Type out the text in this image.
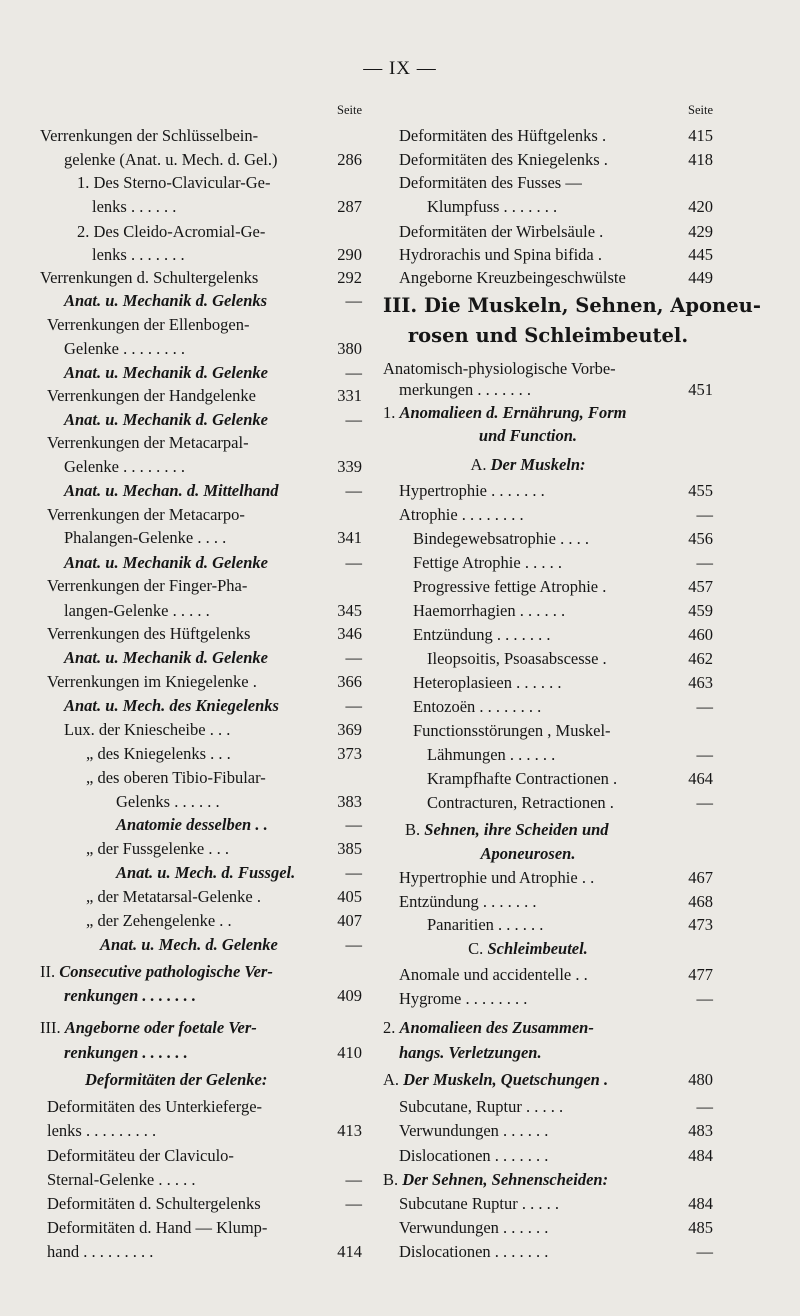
— IX —
Seite
Verrenkungen der Schlüsselbein-
gelenke (Anat. u. Mech. d. Gel.)	286
1. Des Sterno-Clavicular-Ge-
lenks . . . . . .	287
2. Des Cleido-Acromial-Ge-
lenks . . . . . . .	290
Verrenkungen d. Schultergelenks	292
Anat. u. Mechanik d. Gelenks	—
Verrenkungen der Ellenbogen-
Gelenke . . . . . . . .	380
Anat. u. Mechanik d. Gelenke	—
Verrenkungen der Handgelenke	331
Anat. u. Mechanik d. Gelenke	—
Verrenkungen der Metacarpal-
Gelenke . . . . . . . .	339
Anat. u. Mechan. d. Mittelhand	—
Verrenkungen der Metacarpo-
Phalangen-Gelenke . . . .	341
Anat. u. Mechanik d. Gelenke	—
Verrenkungen der Finger-Pha-
langen-Gelenke . . . . .	345
Verrenkungen des Hüftgelenks	346
Anat. u. Mechanik d. Gelenke	—
Verrenkungen im Kniegelenke .	366
Anat. u. Mech. des Kniegelenks	—
Lux. der Kniescheibe . . .	369
„ des Kniegelenks . . .	373
„ des oberen Tibio-Fibular-
Gelenks . . . . . .	383
Anatomie desselben . .	—
„ der Fussgelenke . . .	385
Anat. u. Mech. d. Fussgel.	—
„ der Metatarsal-Gelenke .	405
„ der Zehengelenke . .	407
Anat. u. Mech. d. Gelenke	—
II. Consecutive pathologische Ver-
renkungen . . . . . . .	409
III. Angeborne oder foetale Ver-
renkungen . . . . . .	410
Deformitäten der Gelenke:
Deformitäten des Unterkieferge-
lenks . . . . . . . . .	413
Deformitäteu der Claviculo-
Sternal-Gelenke . . . . .	—
Deformitäten d. Schultergelenks	—
Deformitäten d. Hand — Klump-
hand . . . . . . . . .	414
Seite
Deformitäten des Hüftgelenks .	415
Deformitäten des Kniegelenks .	418
Deformitäten des Fusses —
Klumpfuss . . . . . . .	420
Deformitäten der Wirbelsäule .	429
Hydrorachis und Spina bifida .	445
Angeborne Kreuzbeingeschwülste	449
III. Die Muskeln, Sehnen, Aponeu-
rosen und Schleimbeutel.
Anatomisch-physiologische Vorbe-
merkungen . . . . . . .	451
1. Anomalieen d. Ernährung, Form
und Function.
A. Der Muskeln:
Hypertrophie . . . . . . .	455
Atrophie . . . . . . . .	—
Bindegewebsatrophie . . . .	456
Fettige Atrophie . . . . .	—
Progressive fettige Atrophie .	457
Haemorrhagien . . . . . .	459
Entzündung . . . . . . .	460
Ileopsoitis, Psoasabscesse .	462
Heteroplasieen . . . . . .	463
Entozoën . . . . . . . .	—
Functionsstörungen , Muskel-
Lähmungen . . . . . .	—
Krampfhafte Contractionen .	464
Contracturen, Retractionen .	—
B. Sehnen, ihre Scheiden und
Aponeurosen.
Hypertrophie und Atrophie . .	467
Entzündung . . . . . . .	468
Panaritien . . . . . .	473
C. Schleimbeutel.
Anomale und accidentelle . .	477
Hygrome . . . . . . . .	—
2. Anomalieen des Zusammen-
hangs. Verletzungen.
A. Der Muskeln, Quetschungen .	480
Subcutane, Ruptur . . . . .	—
Verwundungen . . . . . .	483
Dislocationen . . . . . . .	484
B. Der Sehnen, Sehnenscheiden:
Subcutane Ruptur . . . . .	484
Verwundungen . . . . . .	485
Dislocationen . . . . . . .	—
